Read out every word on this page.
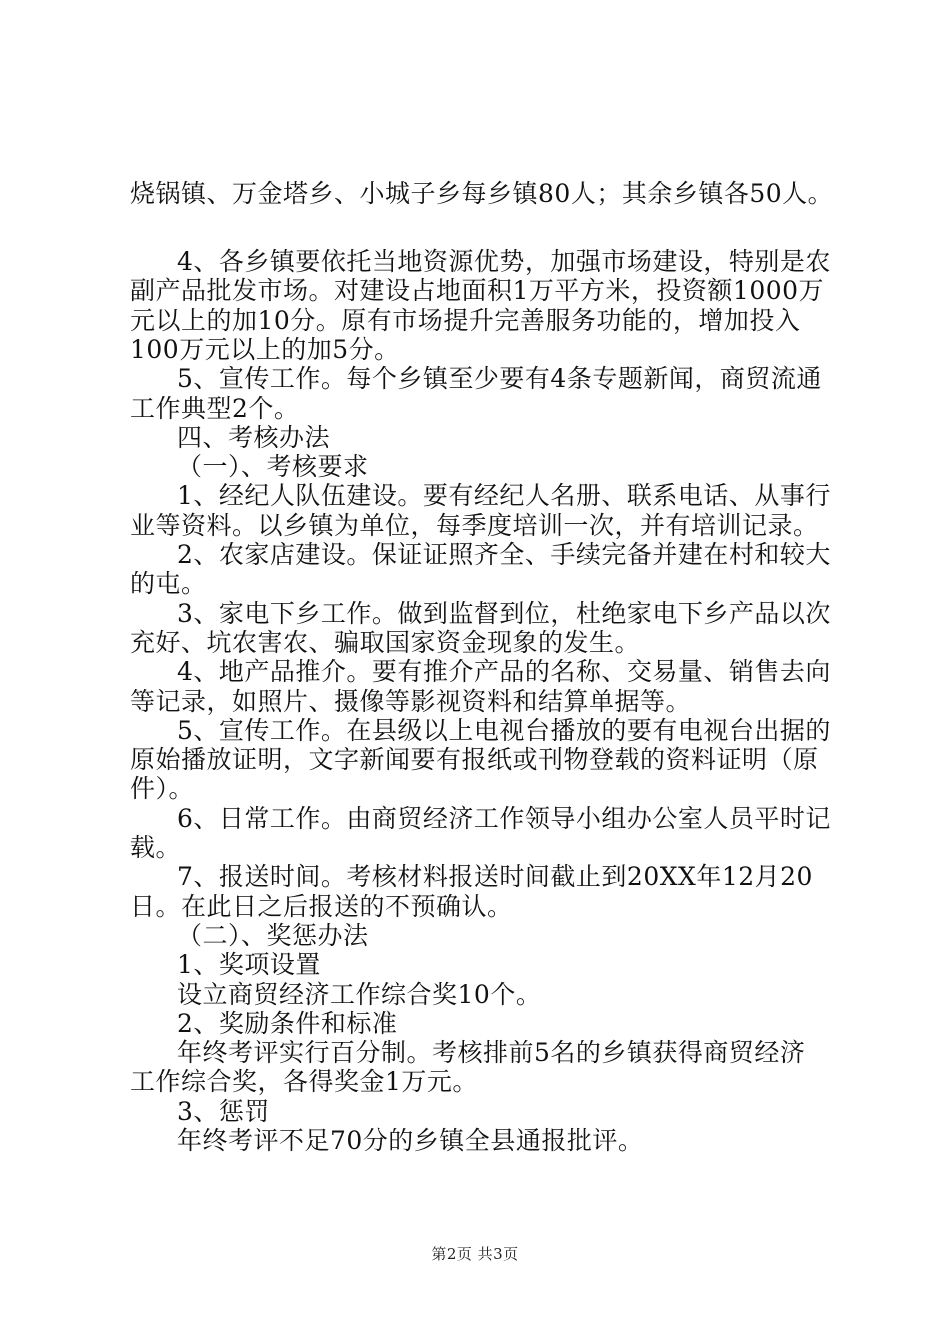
烧锅镇、万金塔乡、小城子乡每乡镇80人；其余乡镇各50人。
4、各乡镇要依托当地资源优势，加强市场建设，特别是农
副产品批发市场。对建设占地面积1万平方米，投资额1000万
元以上的加10分。原有市场提升完善服务功能的，增加投入
100万元以上的加5分。
5、宣传工作。每个乡镇至少要有4条专题新闻，商贸流通
工作典型2个。
四、考核办法
（一）、考核要求
1、经纪人队伍建设。要有经纪人名册、联系电话、从事行
业等资料。以乡镇为单位，每季度培训一次，并有培训记录。
2、农家店建设。保证证照齐全、手续完备并建在村和较大
的屯。
3、家电下乡工作。做到监督到位，杜绝家电下乡产品以次
充好、坑农害农、骗取国家资金现象的发生。
4、地产品推介。要有推介产品的名称、交易量、销售去向
等记录，如照片、摄像等影视资料和结算单据等。
5、宣传工作。在县级以上电视台播放的要有电视台出据的
原始播放证明，文字新闻要有报纸或刊物登载的资料证明（原
件）。
6、日常工作。由商贸经济工作领导小组办公室人员平时记
载。
7、报送时间。考核材料报送时间截止到20XX年12月20
日。在此日之后报送的不预确认。
（二）、奖惩办法
1、奖项设置
设立商贸经济工作综合奖10个。
2、奖励条件和标准
年终考评实行百分制。考核排前5名的乡镇获得商贸经济
工作综合奖，各得奖金1万元。
3、惩罚
年终考评不足70分的乡镇全县通报批评。
第2页 共3页
